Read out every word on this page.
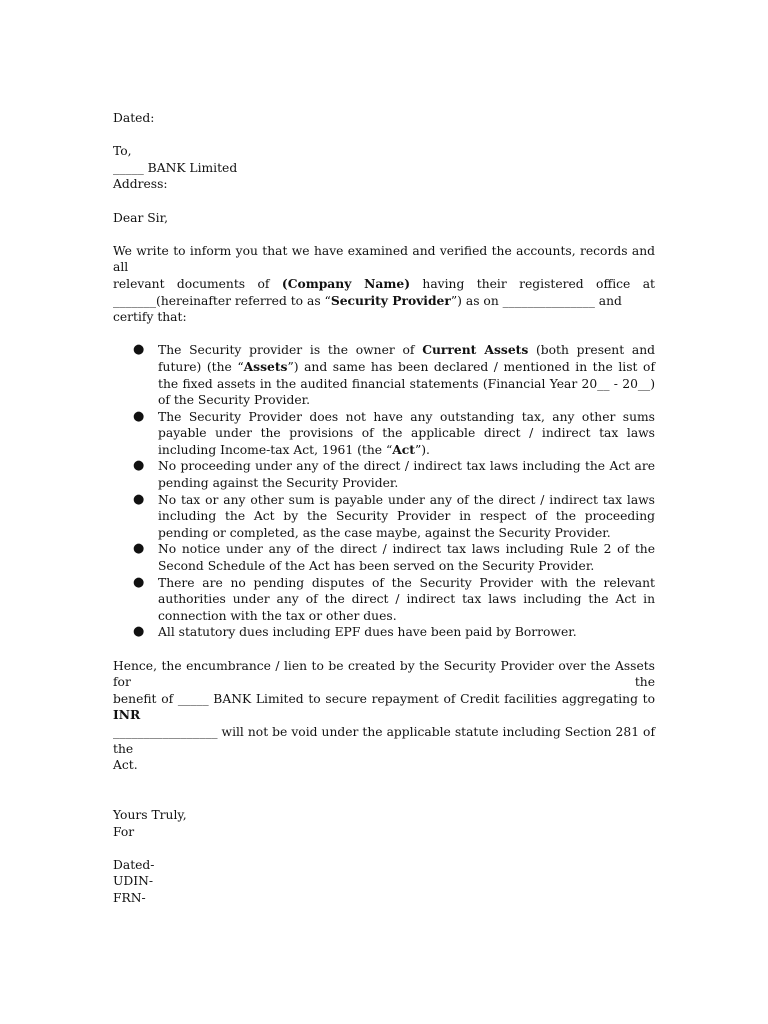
Dated:
To,
_____ BANK Limited
Address:
Dear Sir,
We write to inform you that we have examined and verified the accounts, records and all
relevant documents of (Company Name) having their registered office at
_______(hereinafter referred to as “Security Provider”) as on _______________ and certify that:
● The Security provider is the owner of Current Assets (both present and future) (the “Assets”) and same has been declared / mentioned in the list of the fixed assets in the audited financial statements (Financial Year 20__ - 20__) of the Security Provider.
● The Security Provider does not have any outstanding tax, any other sums payable under the provisions of the applicable direct / indirect tax laws including Income-tax Act, 1961 (the “Act”).
● No proceeding under any of the direct / indirect tax laws including the Act are pending against the Security Provider.
● No tax or any other sum is payable under any of the direct / indirect tax laws including the Act by the Security Provider in respect of the proceeding pending or completed, as the case maybe, against the Security Provider.
● No notice under any of the direct / indirect tax laws including Rule 2 of the Second Schedule of the Act has been served on the Security Provider.
● There are no pending disputes of the Security Provider with the relevant authorities under any of the direct / indirect tax laws including the Act in connection with the tax or other dues.
● All statutory dues including EPF dues have been paid by Borrower.
Hence, the encumbrance / lien to be created by the Security Provider over the Assets for the
benefit of _____ BANK Limited to secure repayment of Credit facilities aggregating to INR
_________________ will not be void under the applicable statute including Section 281 of the
Act.
Yours Truly,
For
Dated-
UDIN-
FRN-
